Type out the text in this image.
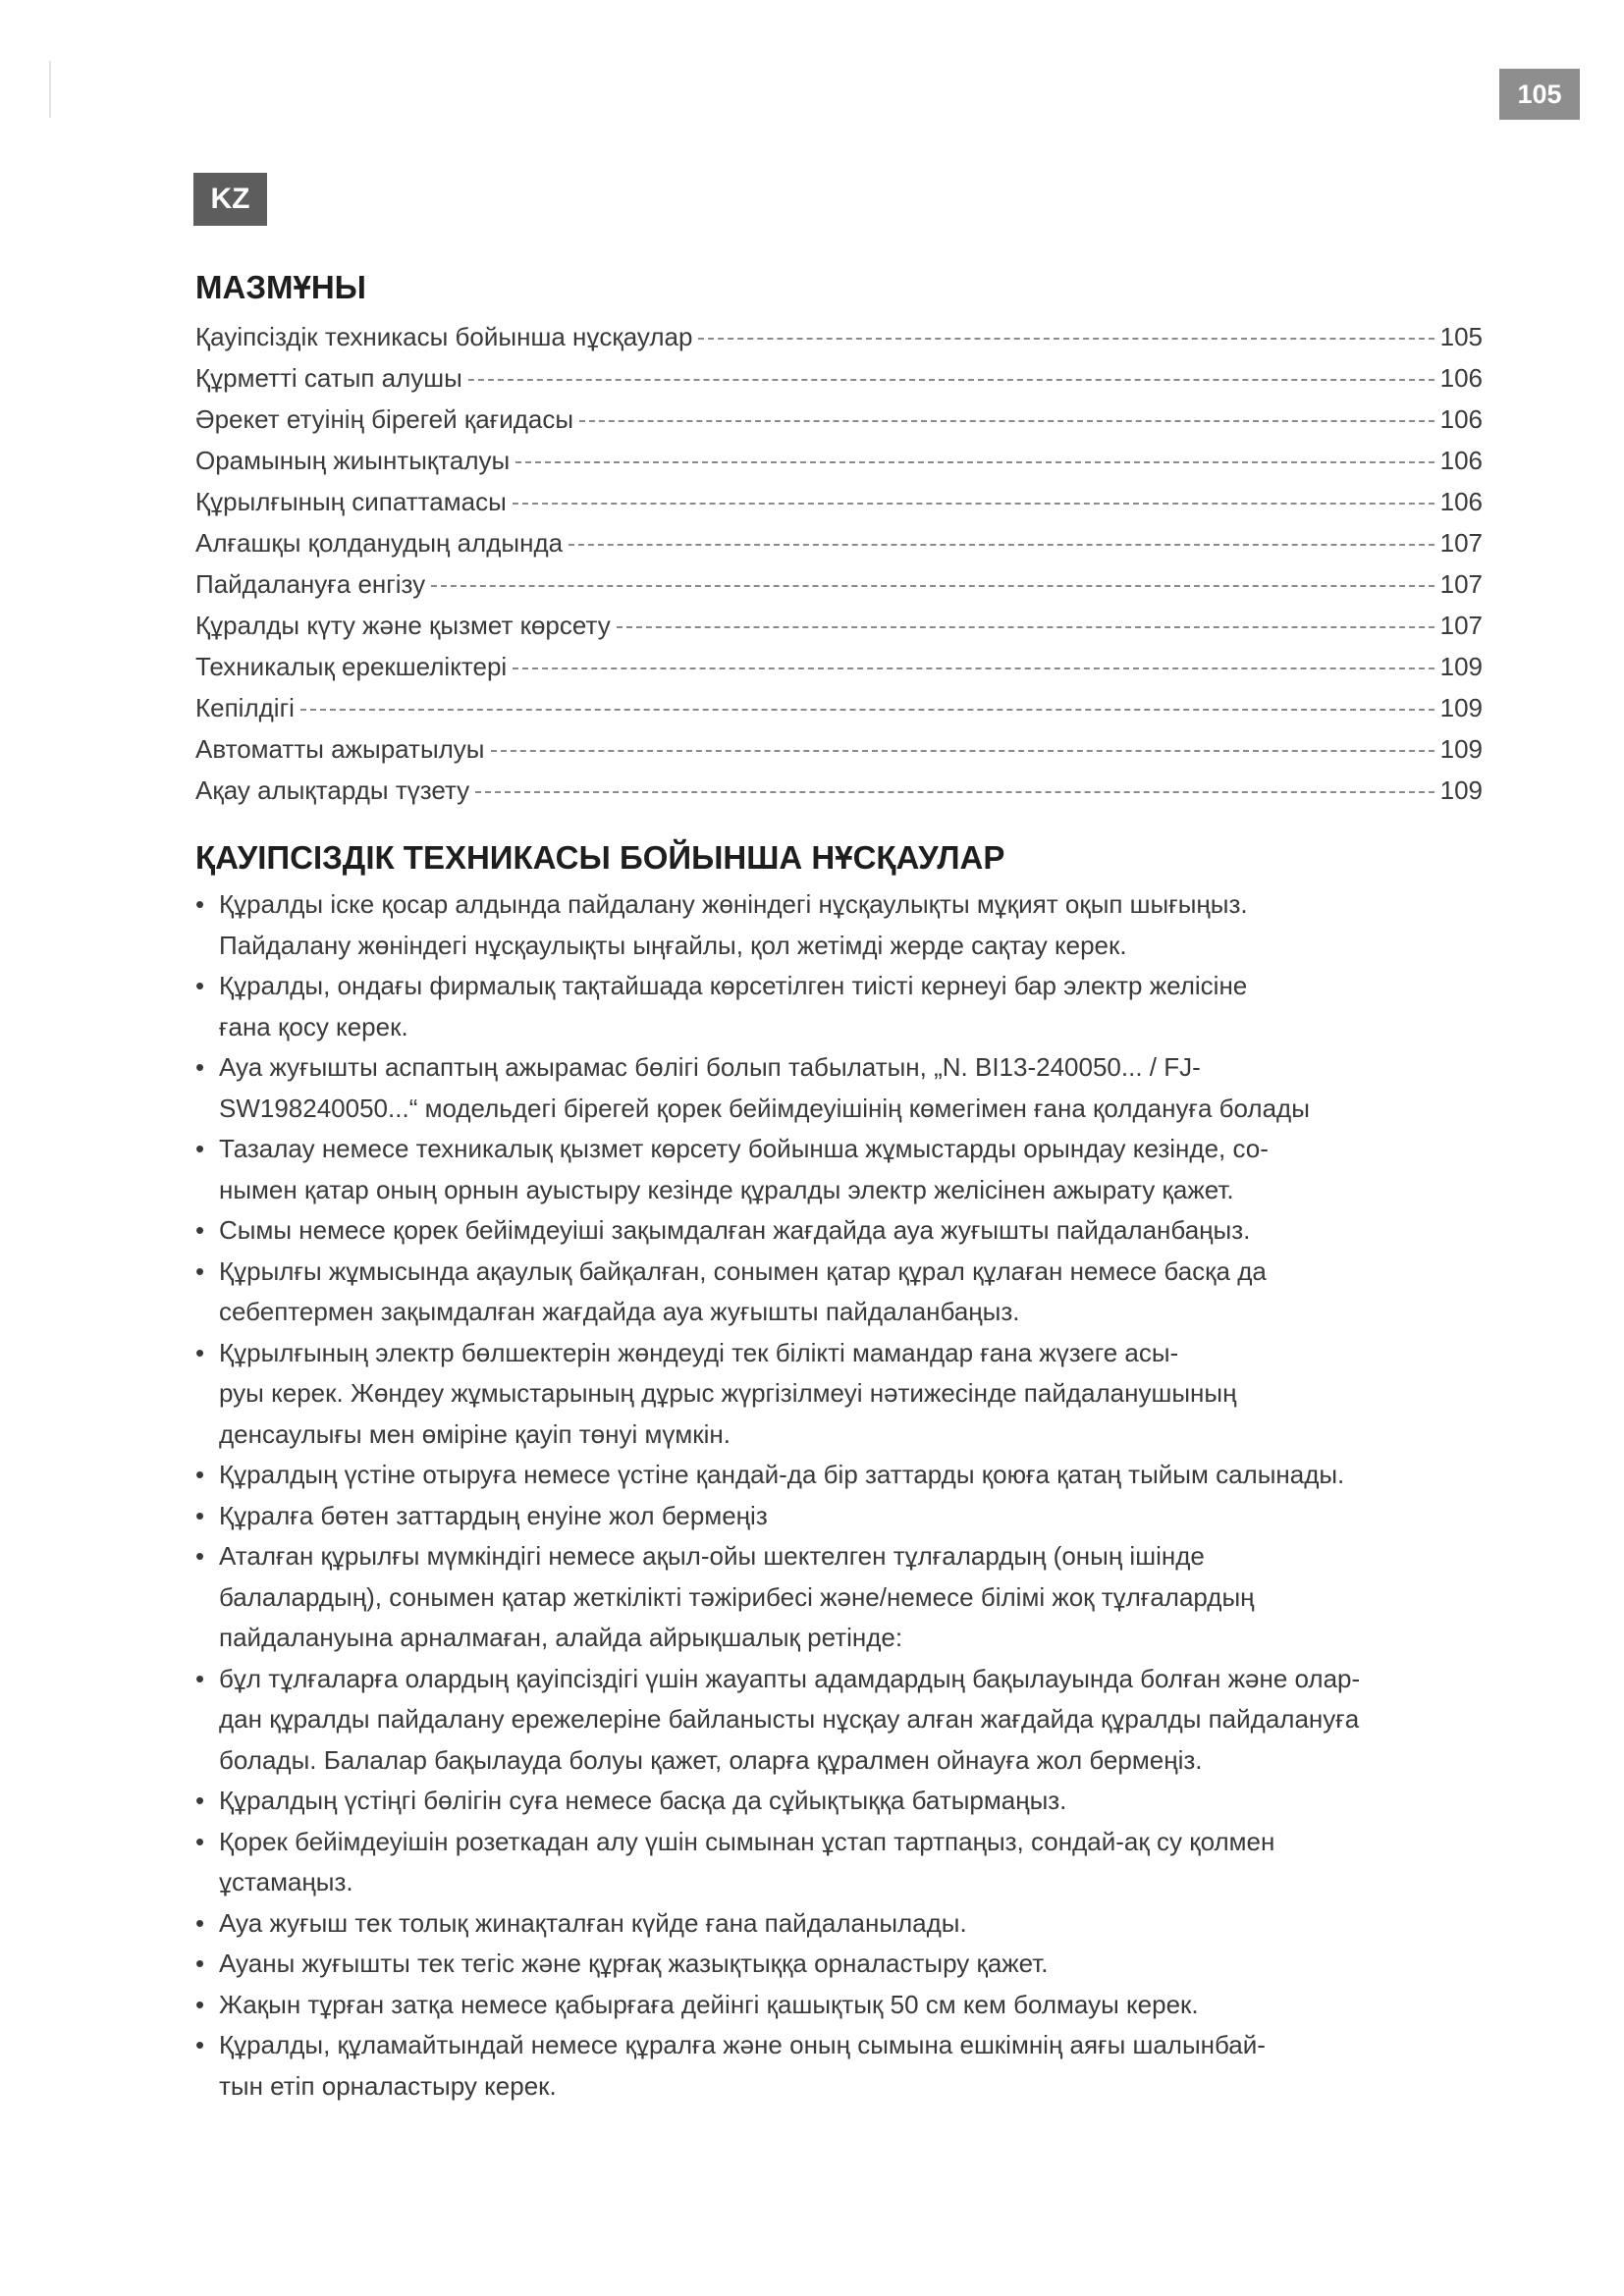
105
KZ
МАЗМҰНЫ
Қауіпсіздік техникасы бойынша нұсқаулар	105
Құрметті сатып алушы	106
Әрекет етуінің бірегей қағидасы	106
Орамының жиынтықталуы	106
Құрылғының сипаттамасы	106
Алғашқы қолданудың алдында	107
Пайдалануға енгізу	107
Құралды күту және қызмет көрсету	107
Техникалық ерекшеліктері	109
Кепілдігі	109
Автоматты ажыратылуы	109
Ақау алықтарды түзету	109
ҚАУІПСІЗДІК ТЕХНИКАСЫ БОЙЫНША НҰСҚАУЛАР
• Құралды іске қосар алдында пайдалану жөніндегі нұсқаулықты мұқият оқып шығыңыз.
Пайдалану жөніндегі нұсқаулықты ыңғайлы, қол жетімді жерде сақтау керек.
• Құралды, ондағы фирмалық тақтайшада көрсетілген тиісті кернеуі бар электр желісіне
ғана қосу керек.
• Ауа жуғышты аспаптың ажырамас бөлігі болып табылатын, „N. BI13-240050... / FJ-
SW198240050...“ модельдегі бірегей қорек бейімдеуішінің көмегімен ғана қолдануға болады
• Тазалау немесе техникалық қызмет көрсету бойынша жұмыстарды орындау кезінде, со-
нымен қатар оның орнын ауыстыру кезінде құралды электр желісінен ажырату қажет.
• Сымы немесе қорек бейімдеуіші зақымдалған жағдайда ауа жуғышты пайдаланбаңыз.
• Құрылғы жұмысында ақаулық байқалған, сонымен қатар құрал құлаған немесе басқа да
себептермен зақымдалған жағдайда ауа жуғышты пайдаланбаңыз.
• Құрылғының электр бөлшектерін жөндеуді тек білікті мамандар ғана жүзеге асы-
руы керек. Жөндеу жұмыстарының дұрыс жүргізілмеуі нәтижесінде пайдаланушының
денсаулығы мен өміріне қауіп төнуі мүмкін.
• Құралдың үстіне отыруға немесе үстіне қандай-да бір заттарды қоюға қатаң тыйым салынады.
• Құралға бөтен заттардың енуіне жол бермеңіз
• Аталған құрылғы мүмкіндігі немесе ақыл-ойы шектелген тұлғалардың (оның ішінде
балалардың), сонымен қатар жеткілікті тәжірибесі және/немесе білімі жоқ тұлғалардың
пайдалануына арналмаған, алайда айрықшалық ретінде:
• бұл тұлғаларға олардың қауіпсіздігі үшін жауапты адамдардың бақылауында болған және олар-
дан құралды пайдалану ережелеріне байланысты нұсқау алған жағдайда құралды пайдалануға
болады. Балалар бақылауда болуы қажет, оларға құралмен ойнауға жол бермеңіз.
• Құралдың үстіңгі бөлігін суға немесе басқа да сұйықтыққа батырмаңыз.
• Қорек бейімдеуішін розеткадан алу үшін сымынан ұстап тартпаңыз, сондай-ақ су қолмен
ұстамаңыз.
• Ауа жуғыш тек толық жинақталған күйде ғана пайдаланылады.
• Ауаны жуғышты тек тегіс және құрғақ жазықтыққа орналастыру қажет.
• Жақын тұрған затқа немесе қабырғаға дейінгі қашықтық 50 см кем болмауы керек.
• Құралды, құламайтындай немесе құралға және оның сымына ешкімнің аяғы шалынбай-
тын етіп орналастыру керек.
